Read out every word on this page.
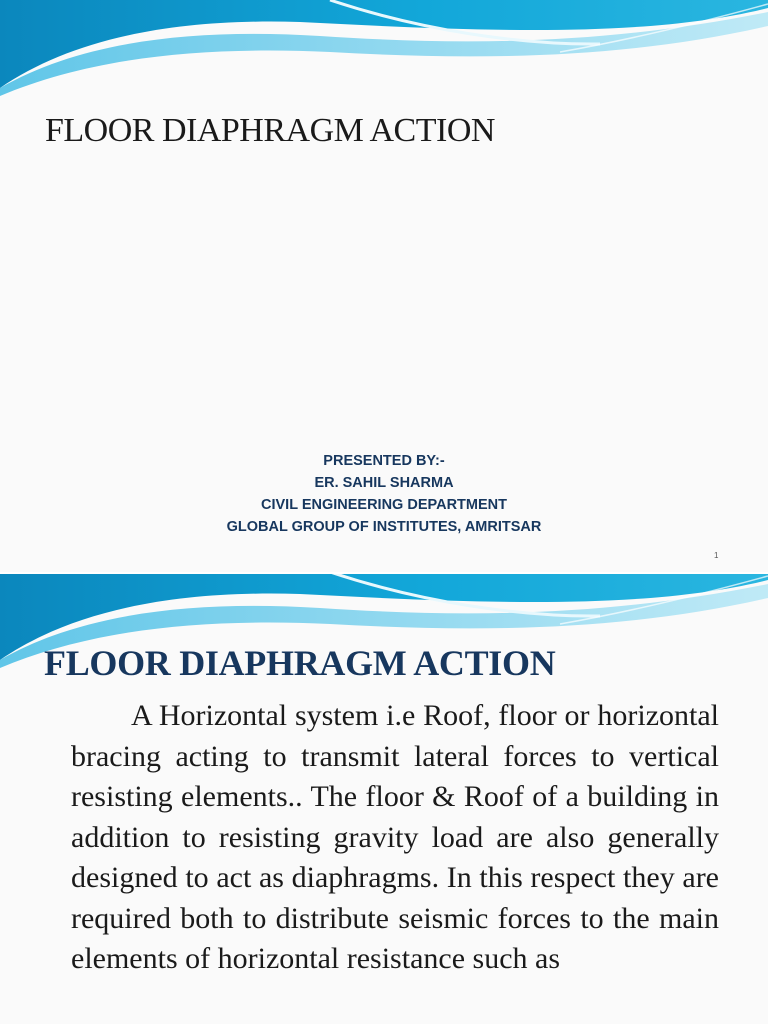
FLOOR DIAPHRAGM ACTION
PRESENTED BY:-
ER. SAHIL SHARMA
CIVIL ENGINEERING DEPARTMENT
GLOBAL GROUP OF INSTITUTES, AMRITSAR
1
FLOOR DIAPHRAGM ACTION
A Horizontal system i.e Roof, floor or horizontal bracing acting to transmit lateral forces to vertical resisting elements.. The floor & Roof of a building in addition to resisting gravity load are also generally designed to act as diaphragms. In this respect they are required both to distribute seismic forces to the main elements of horizontal resistance such as
